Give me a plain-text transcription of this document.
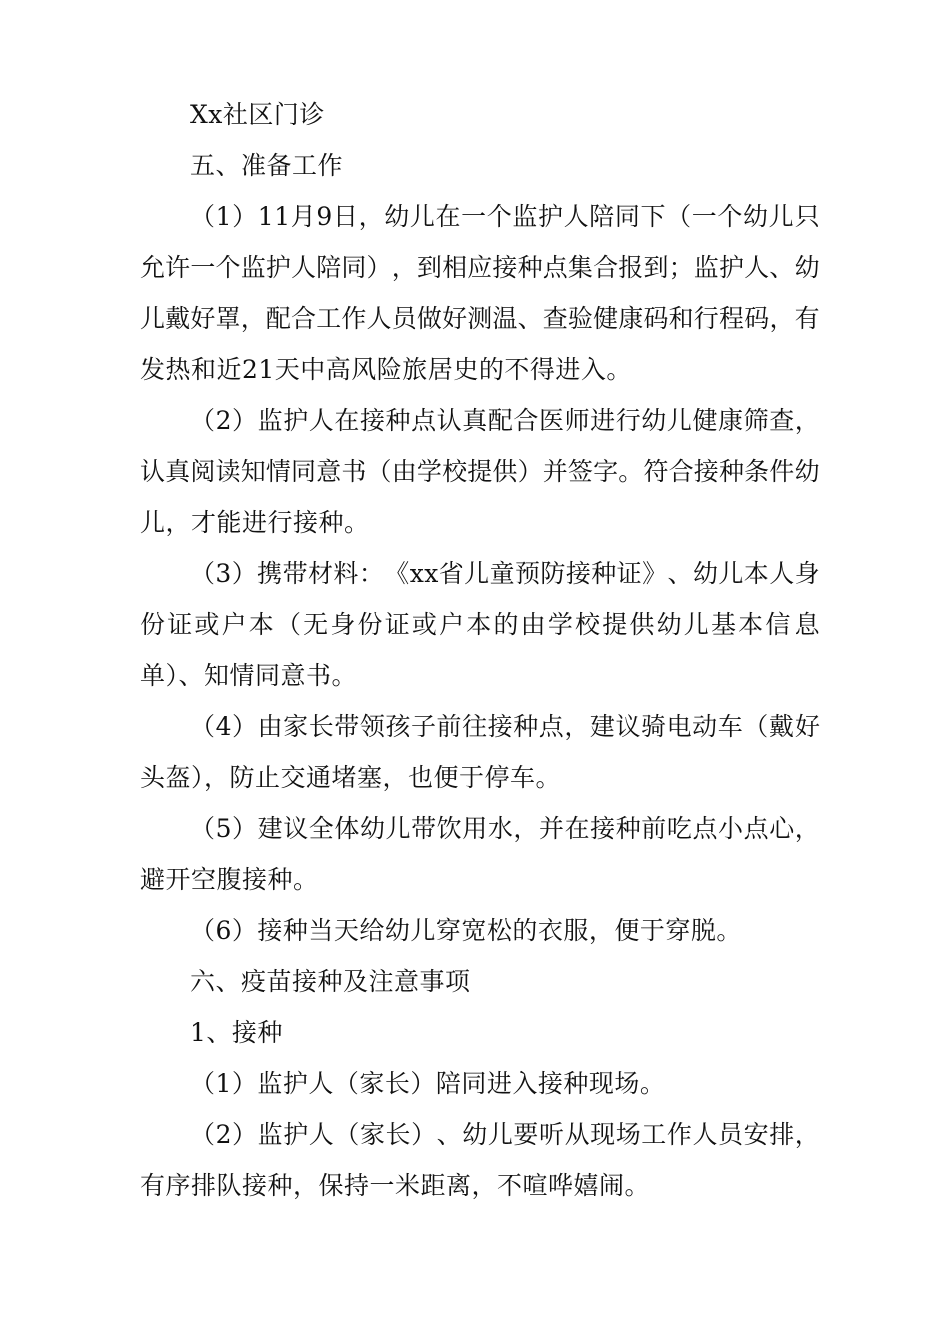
Xx社区门诊
五、准备工作
（ 1 ） 1 1 月 9 日 ， 幼 儿 在 一 个 监 护 人 陪 同 下 （ 一 个 幼 儿 只
允 许 一 个 监 护 人 陪 同 ） ， 到 相 应 接 种 点 集 合 报 到 ； 监 护 人 、 幼
儿 戴 好 罩 ， 配 合 工 作 人 员 做 好 测 温 、 查 验 健 康 码 和 行 程 码 ， 有
发热和近21天中高风险旅居史的不得进入。
（ 2 ） 监 护 人 在 接 种 点 认 真 配 合 医 师 进 行 幼 儿 健 康 筛 查 ，
认 真 阅 读 知 情 同 意 书 （ 由 学 校 提 供 ） 并 签 字 。 符 合 接 种 条 件 幼
儿，才能进行接种。
（ 3 ） 携 带 材 料 ： 《 x x 省 儿 童 预 防 接 种 证 》 、 幼 儿 本 人 身
份 证 或 户 本 （ 无 身 份 证 或 户 本 的 由 学 校 提 供 幼 儿 基 本 信 息
单）、知情同意书。
（ 4 ） 由 家 长 带 领 孩 子 前 往 接 种 点 ， 建 议 骑 电 动 车 （ 戴 好
头盔），防止交通堵塞，也便于停车。
（ 5 ） 建 议 全 体 幼 儿 带 饮 用 水 ， 并 在 接 种 前 吃 点 小 点 心 ，
避开空腹接种。
（6）接种当天给幼儿穿宽松的衣服，便于穿脱。
六、疫苗接种及注意事项
1、接种
（1）监护人（家长）陪同进入接种现场。
（ 2 ） 监 护 人 （ 家 长 ） 、 幼 儿 要 听 从 现 场 工 作 人 员 安 排 ，
有序排队接种，保持一米距离，不喧哗嬉闹。
